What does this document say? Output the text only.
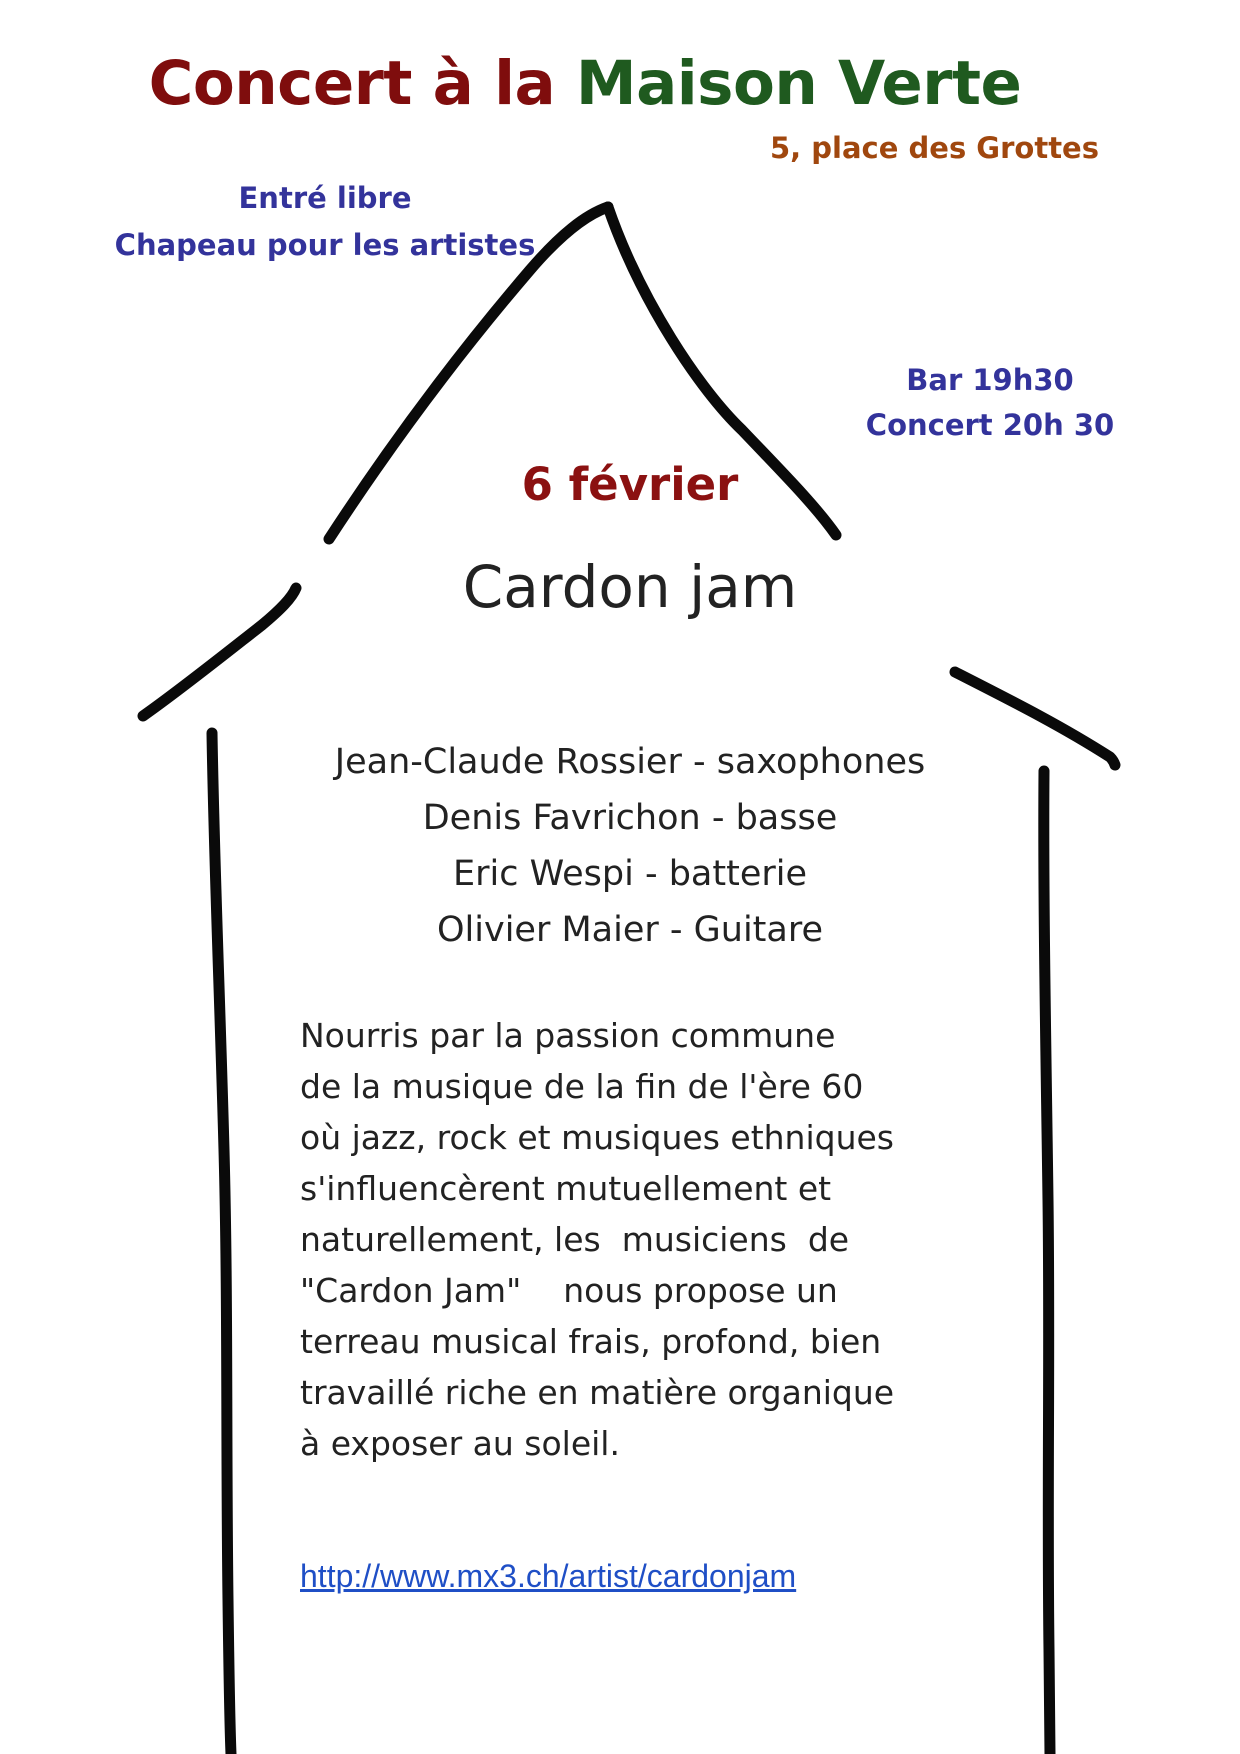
Concert à la Maison Verte
5, place des Grottes
Entré libre
Chapeau pour les artistes
Bar 19h30
Concert 20h 30
6 février
Cardon jam
Jean-Claude Rossier - saxophones
Denis Favrichon - basse
Eric Wespi - batterie
Olivier Maier - Guitare
Nourris par la passion commune
de la musique de la fin de l'ère 60
où jazz, rock et musiques ethniques
s'influencèrent mutuellement et
naturellement, les  musiciens  de
"Cardon Jam"    nous propose un
terreau musical frais, profond, bien
travaillé riche en matière organique
à exposer au soleil.
http://www.mx3.ch/artist/cardonjam
